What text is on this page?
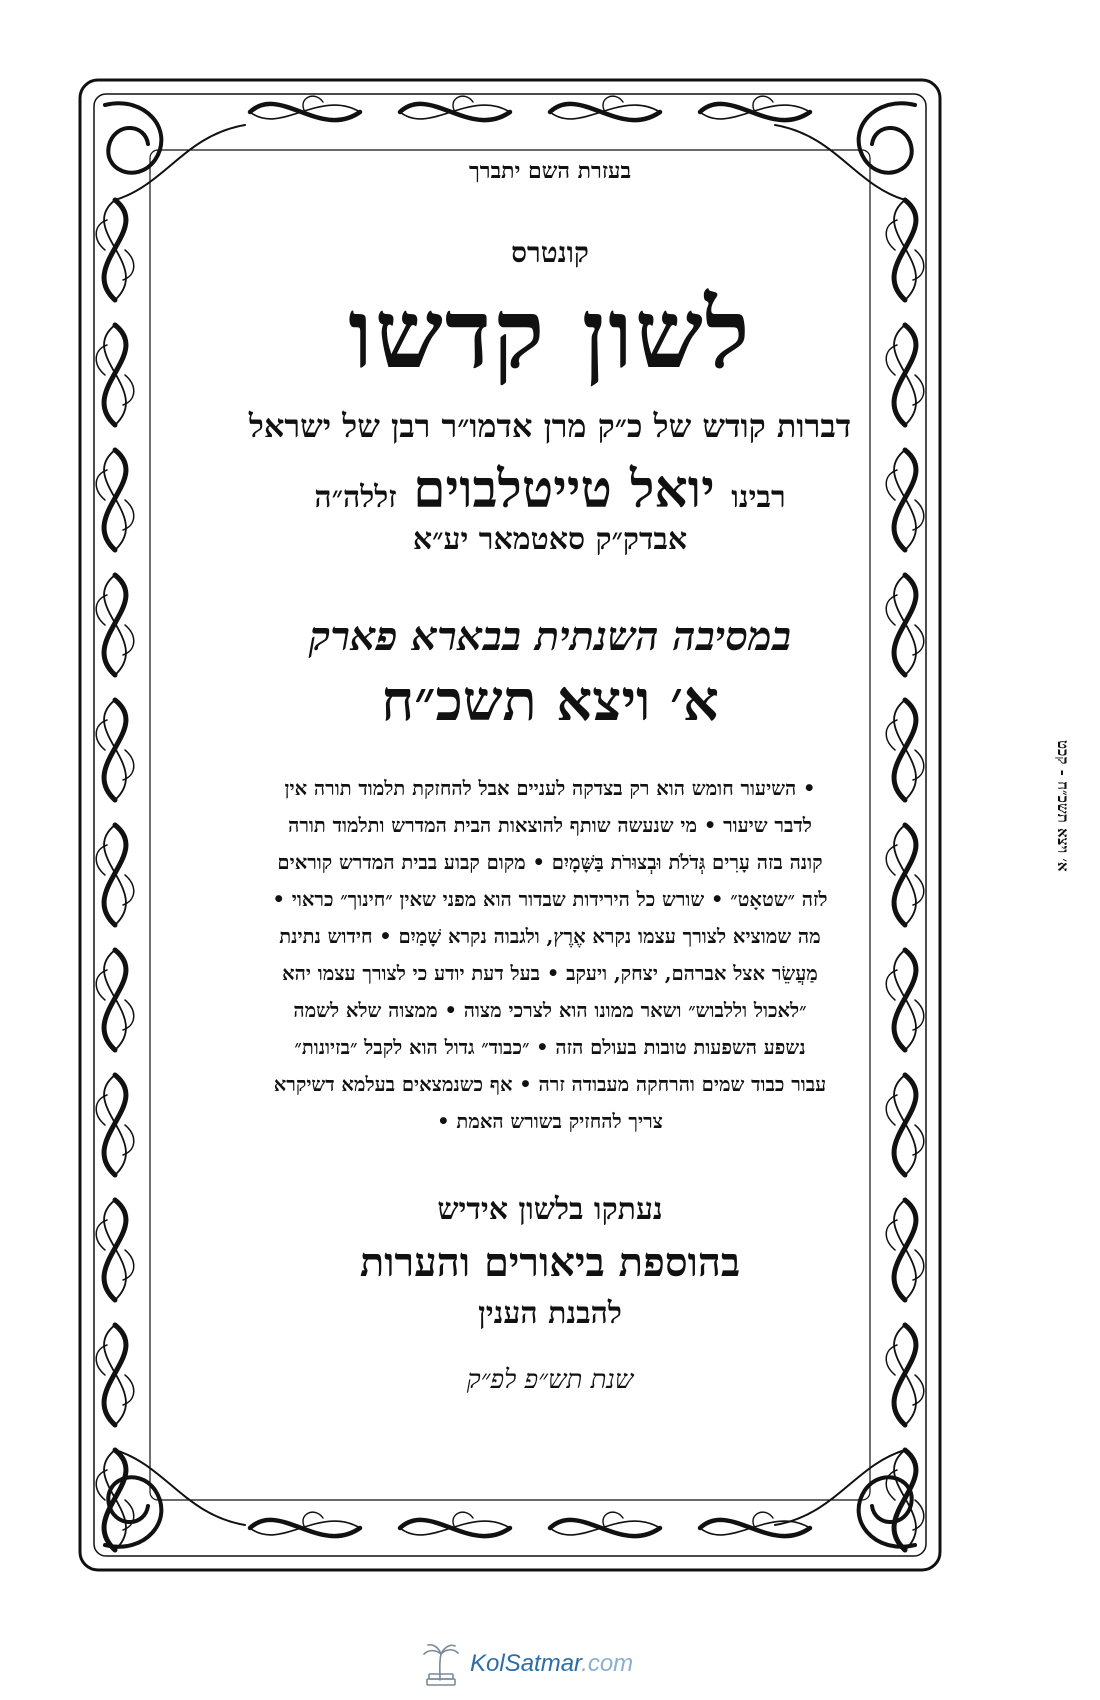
בעזרת השם יתברך
קונטרס
לשון קדשו
דברות קודש של כ״ק מרן אדמו״ר רבן של ישראל
רבינו יואל טייטלבוים זללה״ה
אבדק״ק סאטמאר יע״א
במסיבה השנתית בבארא פארק
א׳ ויצא תשכ״ח
• השיעור חומש הוא רק בצדקה לעניים אבל להחזקת תלמוד תורה אין
לדבר שיעור • מי שנעשה שותף להוצאות הבית המדרש ותלמוד תורה
קונה בזה עָרִים גְּדֹלֹת וּבְצוּרֹת בַּשָּׁמָיִם • מקום קבוע בבית המדרש קוראים
לזה ״שטאָט״ • שורש כל הירידות שבדור הוא מפני שאין ״חינוך״ כראוי •
מה שמוציא לצורך עצמו נקרא אֶרֶץ, ולגבוה נקרא שָׁמַיִם • חידוש נתינת
מַעֲשֵׂר אצל אברהם, יצחק, ויעקב • בעל דעת יודע כי לצורך עצמו יהא
״לאכול וללבוש״ ושאר ממונו הוא לצרכי מצוה • ממצוה שלא לשמה
נשפע השפעות טובות בעולם הזה • ״כבוד״ גדול הוא לקבל ״בזיונות״
עבור כבוד שמים והרחקה מעבודה זרה • אף כשנמצאים בעלמא דשיקרא
צריך להחזיק בשורש האמת •
נעתקו בלשון אידיש
בהוספת ביאורים והערות
להבנת הענין
שנת תש״פ לפ״ק
א׳ ויצא תשכ״ח - קכט
KolSatmar.com
